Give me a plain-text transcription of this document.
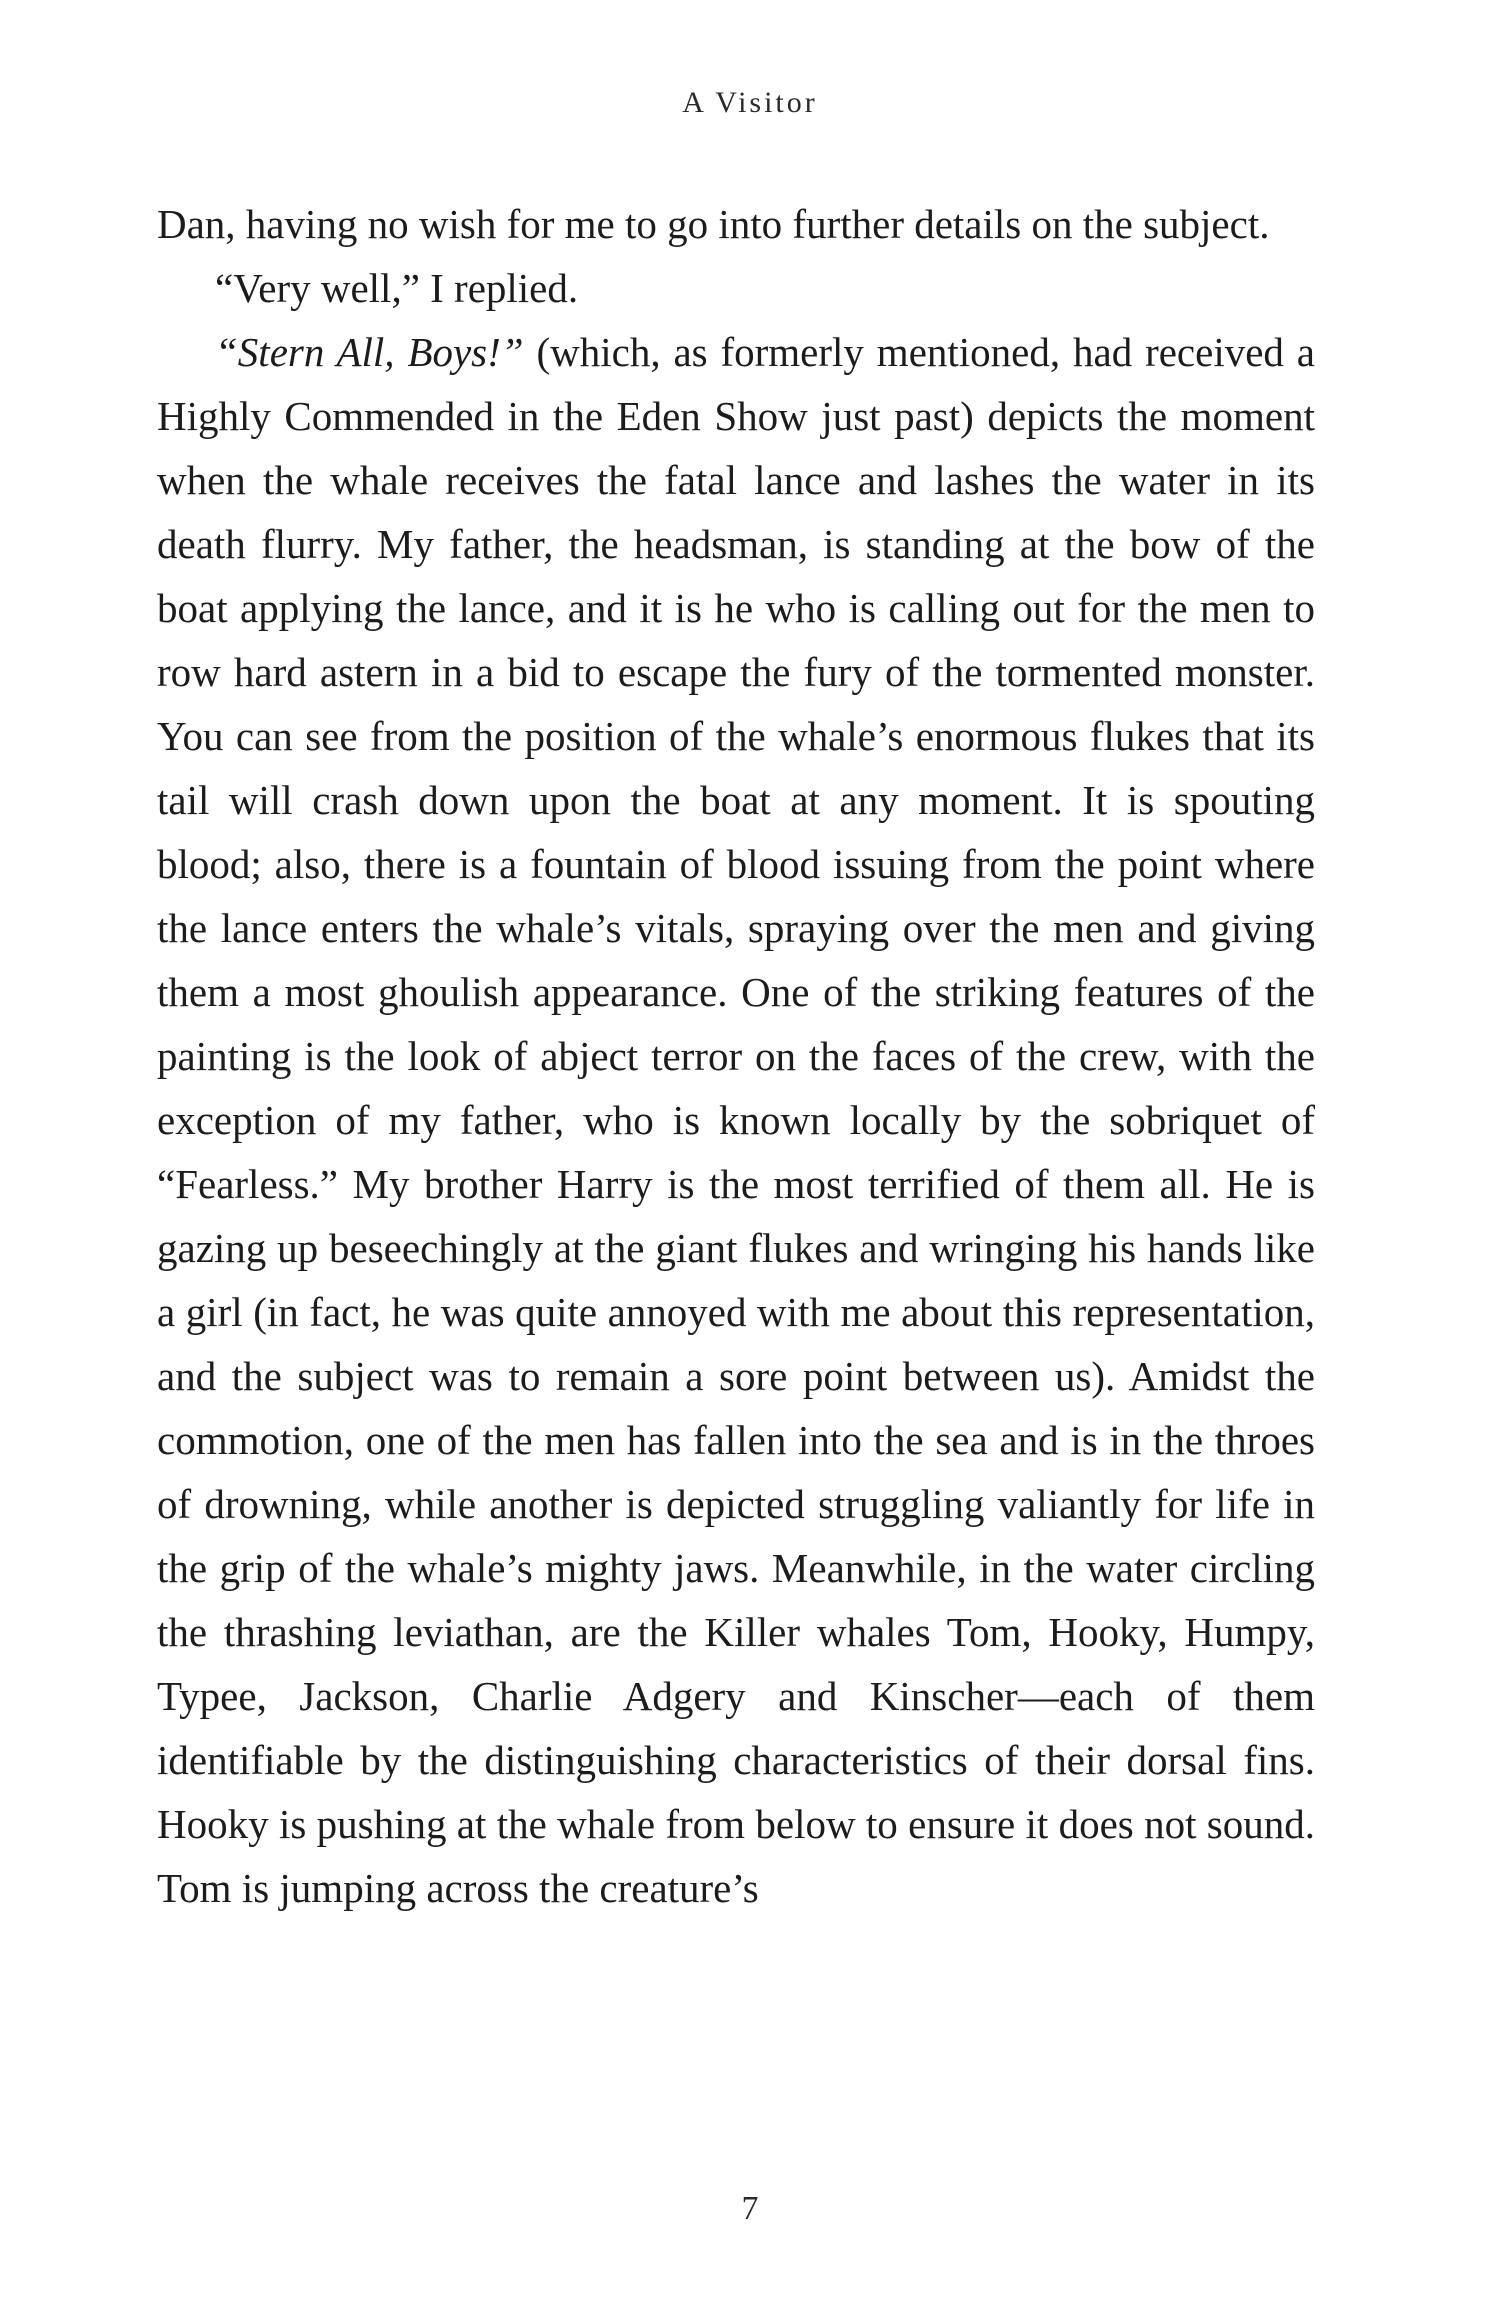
A Visitor

Dan, having no wish for me to go into further details on the subject.

“Very well,” I replied.

“Stern All, Boys!” (which, as formerly mentioned, had received a Highly Commended in the Eden Show just past) depicts the moment when the whale receives the fatal lance and lashes the water in its death flurry. My father, the headsman, is standing at the bow of the boat applying the lance, and it is he who is calling out for the men to row hard astern in a bid to escape the fury of the tormented monster. You can see from the position of the whale’s enormous flukes that its tail will crash down upon the boat at any moment. It is spouting blood; also, there is a fountain of blood issuing from the point where the lance enters the whale’s vitals, spraying over the men and giving them a most ghoulish appearance. One of the striking features of the painting is the look of abject terror on the faces of the crew, with the exception of my father, who is known locally by the sobriquet of “Fearless.” My brother Harry is the most terrified of them all. He is gazing up beseechingly at the giant flukes and wringing his hands like a girl (in fact, he was quite annoyed with me about this representation, and the subject was to remain a sore point between us). Amidst the commotion, one of the men has fallen into the sea and is in the throes of drowning, while another is depicted struggling valiantly for life in the grip of the whale’s mighty jaws. Meanwhile, in the water circling the thrashing leviathan, are the Killer whales Tom, Hooky, Humpy, Typee, Jackson, Charlie Adgery and Kinscher—each of them identifiable by the distinguishing characteristics of their dorsal fins. Hooky is pushing at the whale from below to ensure it does not sound. Tom is jumping across the creature’s

7
